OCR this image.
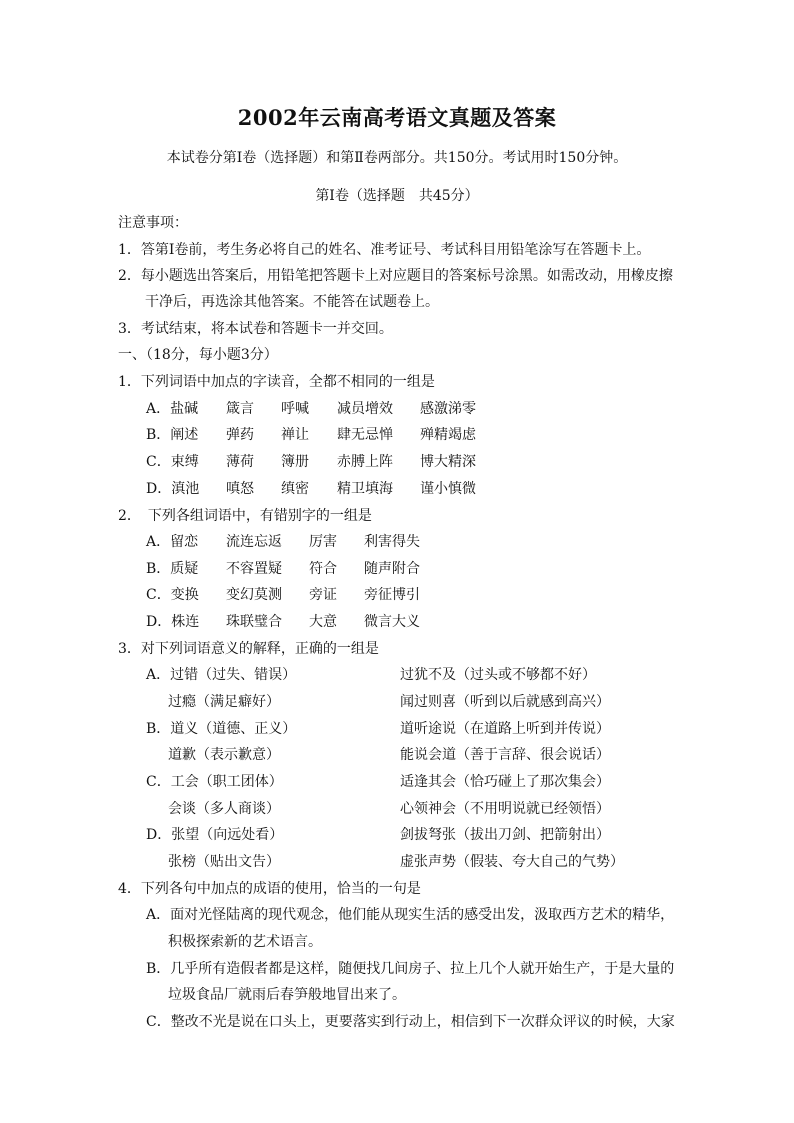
2002年云南高考语文真题及答案
本试卷分第Ⅰ卷（选择题）和第Ⅱ卷两部分。共150分。考试用时150分钟。
第Ⅰ卷（选择题　共45分）
注意事项：
1．答第Ⅰ卷前，考生务必将自己的姓名、准考证号、考试科目用铅笔涂写在答题卡上。
2．每小题选出答案后，用铅笔把答题卡上对应题目的答案标号涂黑。如需改动，用橡皮擦
干净后，再选涂其他答案。不能答在试题卷上。
3．考试结束，将本试卷和答题卡一并交回。
一、（18分，每小题3分）
1．下列词语中加点的字读音，全都不相同的一组是
A．盐碱 箴言 呼喊 减员增效 感激涕零
B．阐述 弹药 禅让 肆无忌惮 殚精竭虑
C．束缚 薄荷 簿册 赤膊上阵 博大精深
D．滇池 嗔怒 缜密 精卫填海 谨小慎微
2．　下列各组词语中，有错别字的一组是
A．留恋 流连忘返 厉害 利害得失
B．质疑 不容置疑 符合 随声附合
C．变换 变幻莫测 旁证 旁征博引
D．株连 珠联璧合 大意 微言大义
3．对下列词语意义的解释，正确的一组是
A．过错（过失、错误）	过犹不及（过头或不够都不好）
过瘾（满足癖好）	闻过则喜（听到以后就感到高兴）
B．道义（道德、正义）	道听途说（在道路上听到并传说）
道歉（表示歉意）	能说会道（善于言辞、很会说话）
C．工会（职工团体）	适逢其会（恰巧碰上了那次集会）
会谈（多人商谈）	心领神会（不用明说就已经领悟）
D．张望（向远处看）	剑拔弩张（拔出刀剑、把箭射出）
张榜（贴出文告）	虚张声势（假装、夸大自己的气势）
4．下列各句中加点的成语的使用，恰当的一句是
A．面对光怪陆离的现代观念，他们能从现实生活的感受出发，汲取西方艺术的精华，
积极探索新的艺术语言。
B．几乎所有造假者都是这样，随便找几间房子、拉上几个人就开始生产，于是大量的
垃圾食品厂就雨后春笋般地冒出来了。
C．整改不光是说在口头上，更要落实到行动上，相信到下一次群众评议的时候，大家
